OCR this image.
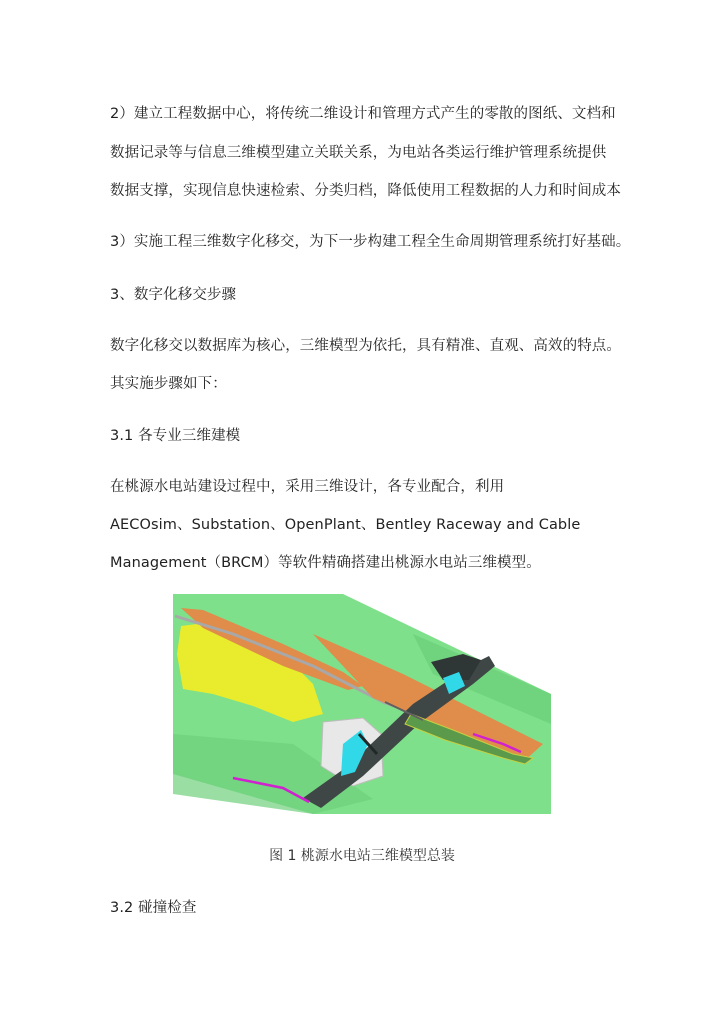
2）建立工程数据中心，将传统二维设计和管理方式产生的零散的图纸、文档和
数据记录等与信息三维模型建立关联关系，为电站各类运行维护管理系统提供
数据支撑，实现信息快速检索、分类归档，降低使用工程数据的人力和时间成本
3）实施工程三维数字化移交，为下一步构建工程全生命周期管理系统打好基础。
3、数字化移交步骤
数字化移交以数据库为核心，三维模型为依托，具有精准、直观、高效的特点。
其实施步骤如下：
3.1 各专业三维建模
在桃源水电站建设过程中，采用三维设计，各专业配合，利用
AECOsim、Substation、OpenPlant、Bentley Raceway and Cable
Management（BRCM）等软件精确搭建出桃源水电站三维模型。
图 1 桃源水电站三维模型总装
3.2 碰撞检查
